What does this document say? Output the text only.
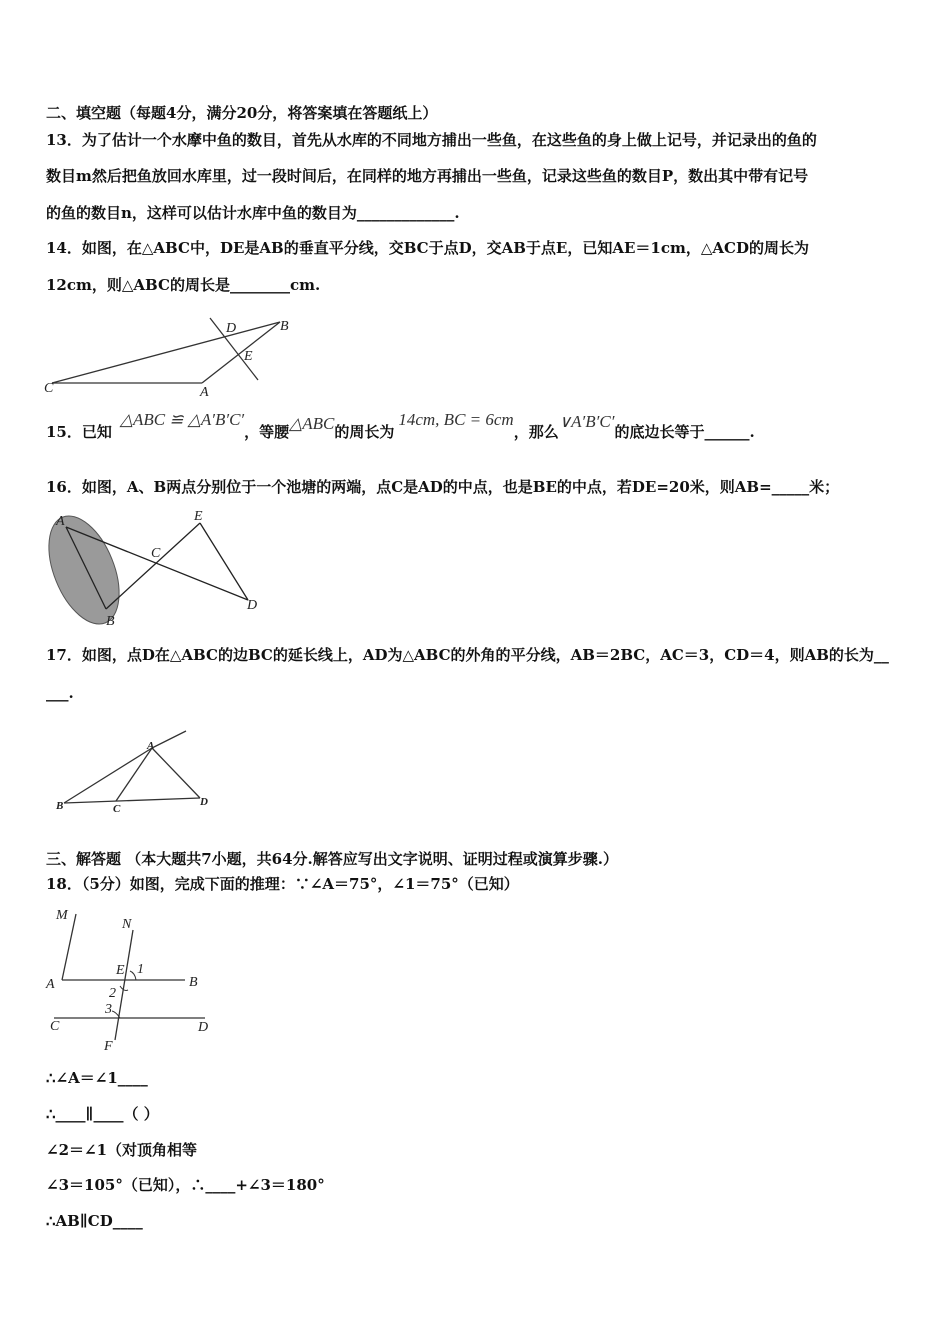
二、填空题（每题4分，满分20分，将答案填在答题纸上）
13．为了估计一个水摩中鱼的数目，首先从水库的不同地方捕出一些鱼，在这些鱼的身上做上记号，并记录出的鱼的
数目m然后把鱼放回水库里，过一段时间后，在同样的地方再捕出一些鱼，记录这些鱼的数目P，数出其中带有记号
的鱼的数目n，这样可以估计水库中鱼的数目为_____________.
14．如图，在△ABC中，DE是AB的垂直平分线，交BC于点D，交AB于点E，已知AE＝1cm，△ACD的周长为
12cm，则△ABC的周长是________cm.
C	A
B
D
E
15．已知△ABC ≌ △A′B′C′，等腰△ABC的周长为14cm, BC = 6cm，那么∨A′B′C′的底边长等于______.
16．如图，A、B两点分别位于一个池塘的两端，点C是AD的中点，也是BE的中点，若DE=20米，则AB=_____米；
A
B
C
D
E
17．如图，点D在△ABC的边BC的延长线上，AD为△ABC的外角的平分线，AB＝2BC，AC＝3，CD＝4，则AB的长为__
___.
A
B	C
D
三、解答题 （本大题共7小题，共64分.解答应写出文字说明、证明过程或演算步骤.）
18．（5分）如图，完成下面的推理：∵∠A＝75°，∠1＝75°（已知）
M
N
A	B
E 1
2
3
C	D
F
∴∠A＝∠1____
∴____∥____（ ）
∠2＝∠1（对顶角相等
∠3＝105°（已知），∴____+∠3＝180°
∴AB∥CD____
